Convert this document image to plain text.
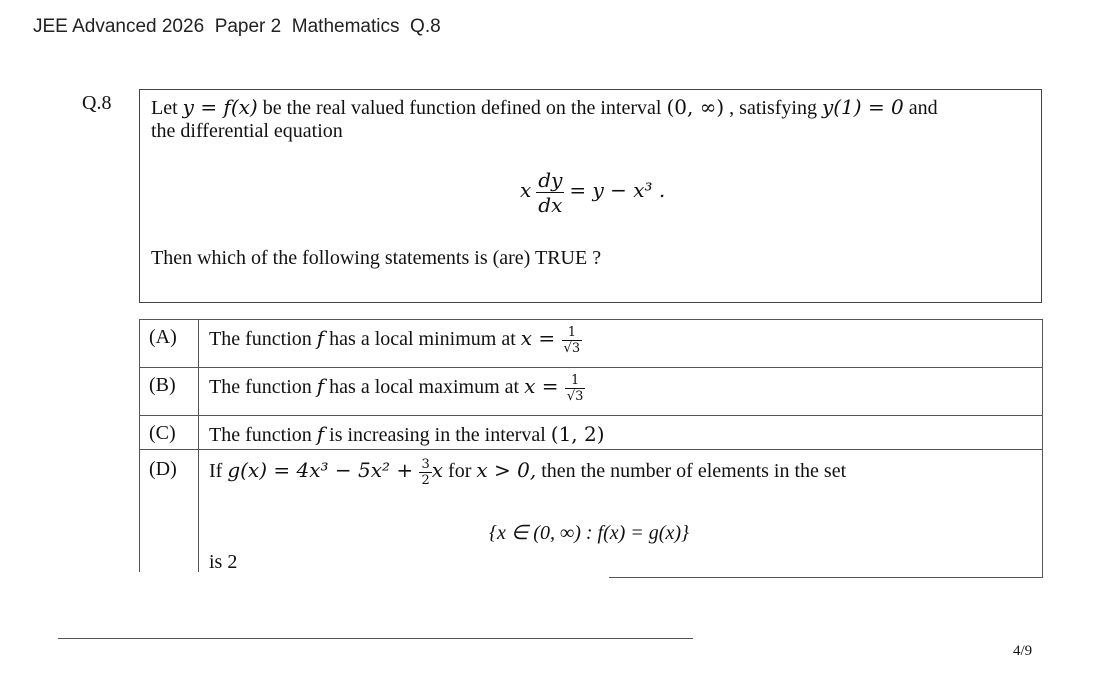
JEE Advanced 2026  Paper 2  Mathematics  Q.8
Q.8 Let y = f(x) be the real valued function defined on the interval (0, ∞) , satisfying y(1) = 0 and
the differential equation
x $\frac{dy}{dx} = y - x^3$ .
Then which of the following statements is (are) TRUE ?
(A) The function f has a local minimum at $x = \frac{1}{√3}$
(B) The function f has a local maximum at $x = \frac{1}{√3}$
(C) The function f is increasing in the interval (1, 2)
(D) If $g(x) = 4x^3 - 5x^2 + \frac{3}{2}$ x for x > 0, then the number of elements in the set
{x ∈ (0, ∞) : f(x) = g(x)}
is 2
4/9
